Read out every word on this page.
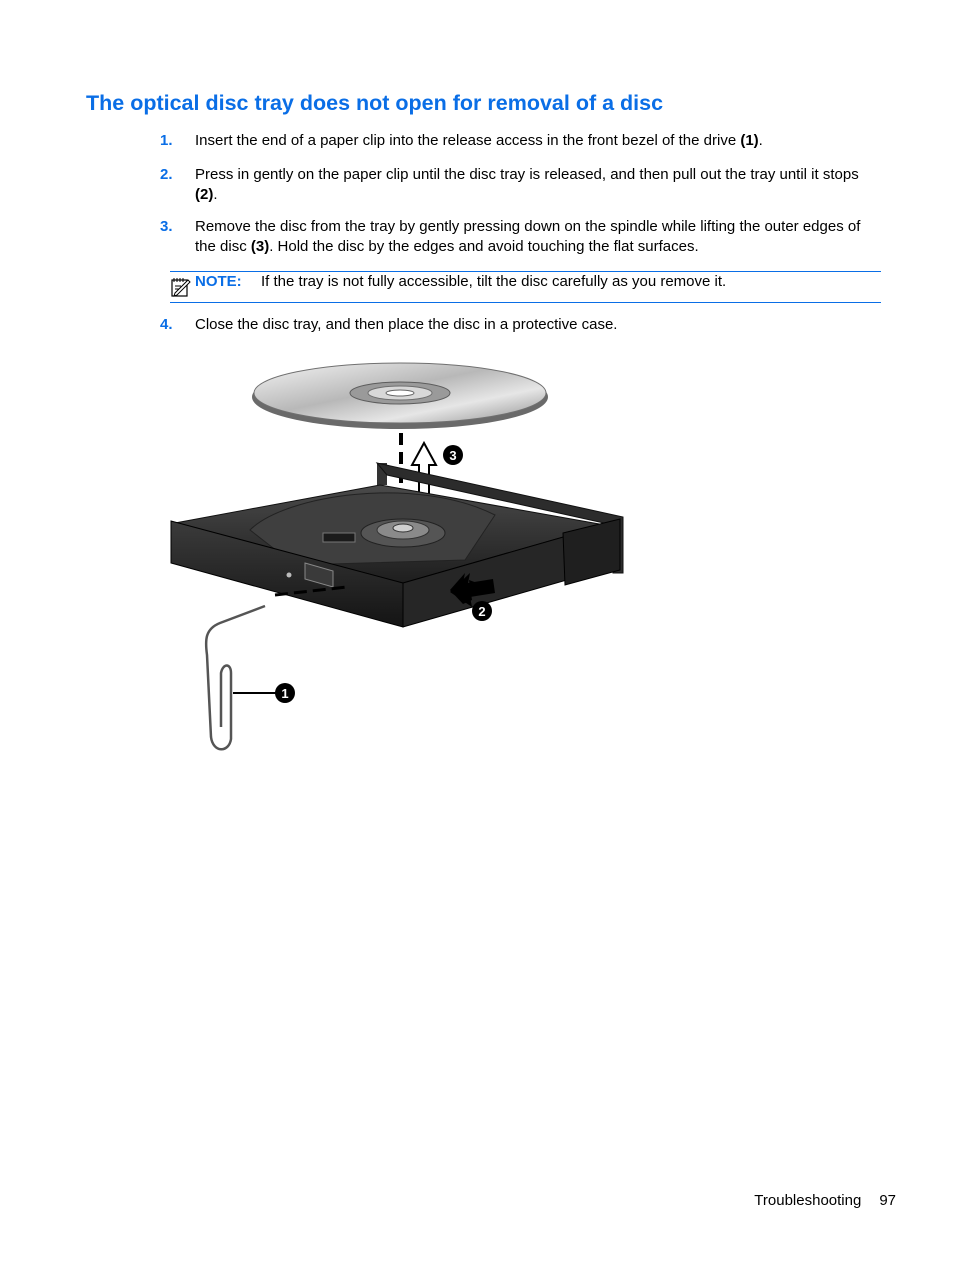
The optical disc tray does not open for removal of a disc
1.	Insert the end of a paper clip into the release access in the front bezel of the drive (1).
2.	Press in gently on the paper clip until the disc tray is released, and then pull out the tray until it stops (2).
3.	Remove the disc from the tray by gently pressing down on the spindle while lifting the outer edges of the disc (3). Hold the disc by the edges and avoid touching the flat surfaces.
NOTE: If the tray is not fully accessible, tilt the disc carefully as you remove it.
4.	Close the disc tray, and then place the disc in a protective case.
1
2
3
Troubleshooting 97
